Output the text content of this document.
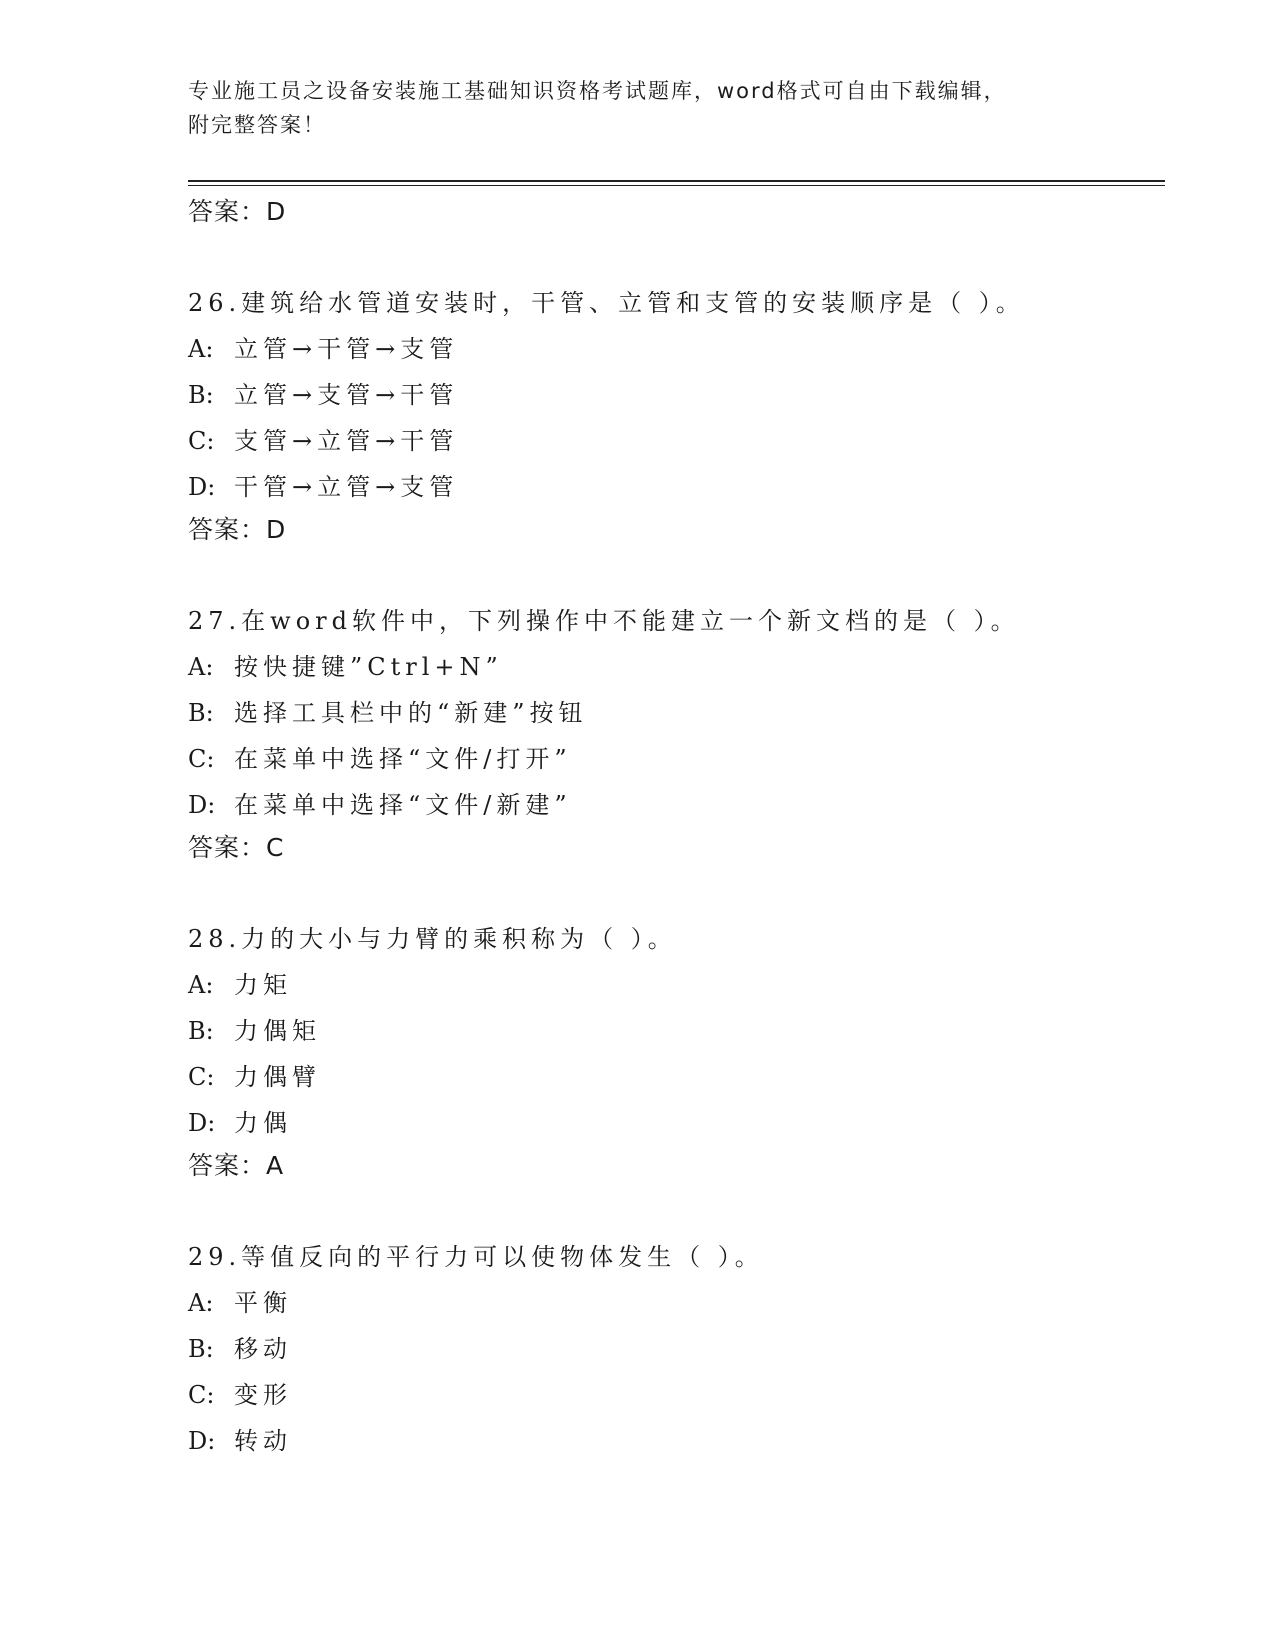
专业施工员之设备安装施工基础知识资格考试题库，word格式可自由下载编辑，
附完整答案！
答案：D
26.建筑给水管道安装时，干管、立管和支管的安装顺序是（ ）。
A: 立管→干管→支管
B: 立管→支管→干管
C: 支管→立管→干管
D: 干管→立管→支管
答案：D
27.在word软件中，下列操作中不能建立一个新文档的是（ ）。
A: 按快捷键”Ctrl+N”
B: 选择工具栏中的“新建”按钮
C: 在菜单中选择“文件/打开”
D: 在菜单中选择“文件/新建”
答案：C
28.力的大小与力臂的乘积称为（ ）。
A: 力矩
B: 力偶矩
C: 力偶臂
D: 力偶
答案：A
29.等值反向的平行力可以使物体发生（ ）。
A: 平衡
B: 移动
C: 变形
D: 转动
